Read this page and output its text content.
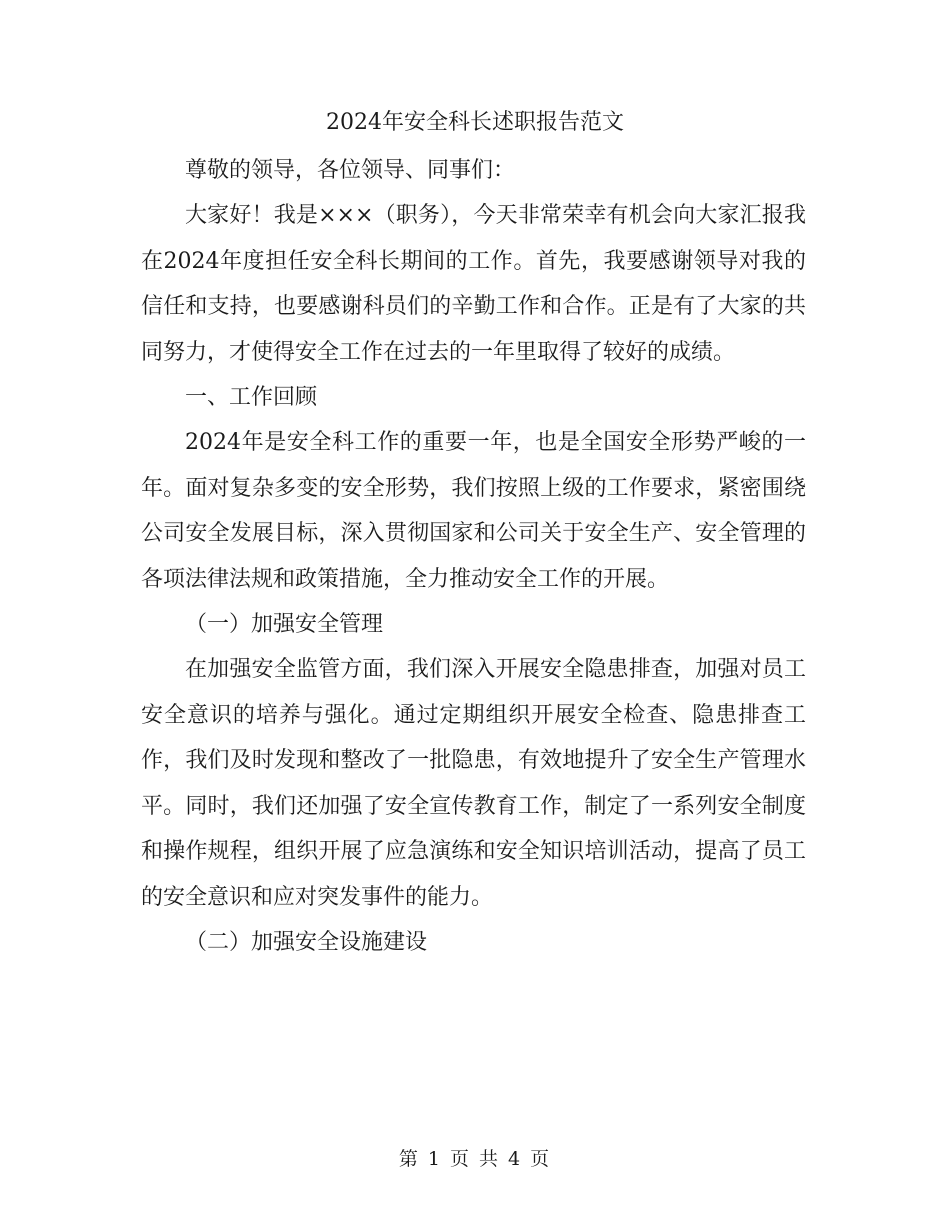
2024年安全科长述职报告范文

尊敬的领导，各位领导、同事们：

大家好！我是×××（职务），今天非常荣幸有机会向大家汇报我在2024年度担任安全科长期间的工作。首先，我要感谢领导对我的信任和支持，也要感谢科员们的辛勤工作和合作。正是有了大家的共同努力，才使得安全工作在过去的一年里取得了较好的成绩。

一、工作回顾

2024年是安全科工作的重要一年，也是全国安全形势严峻的一年。面对复杂多变的安全形势，我们按照上级的工作要求，紧密围绕公司安全发展目标，深入贯彻国家和公司关于安全生产、安全管理的各项法律法规和政策措施，全力推动安全工作的开展。

（一）加强安全管理

在加强安全监管方面，我们深入开展安全隐患排查，加强对员工安全意识的培养与强化。通过定期组织开展安全检查、隐患排查工作，我们及时发现和整改了一批隐患，有效地提升了安全生产管理水平。同时，我们还加强了安全宣传教育工作，制定了一系列安全制度和操作规程，组织开展了应急演练和安全知识培训活动，提高了员工的安全意识和应对突发事件的能力。

（二）加强安全设施建设

第 1 页 共 4 页
